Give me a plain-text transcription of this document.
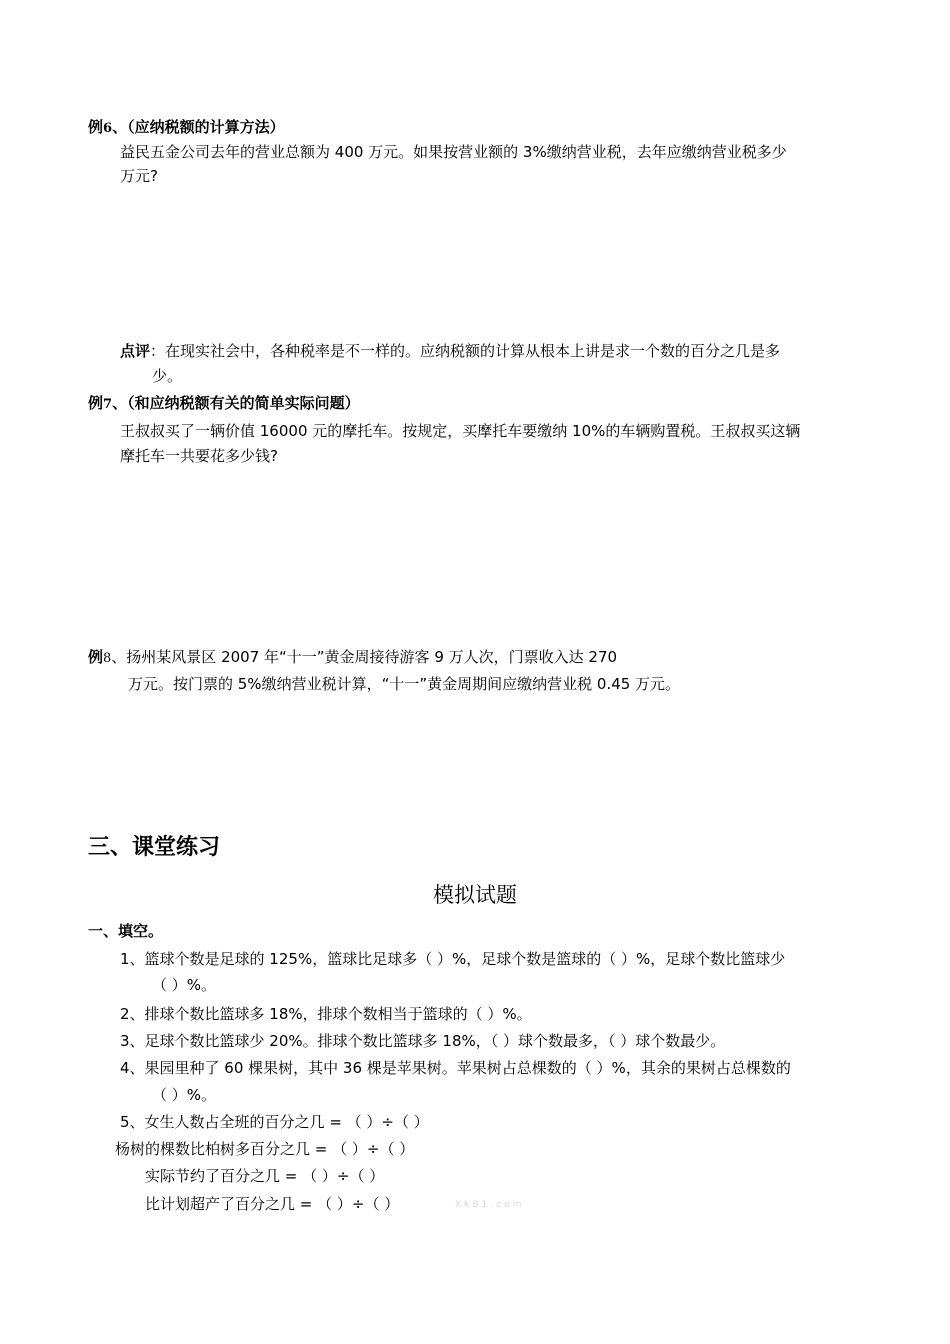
例6、（应纳税额的计算方法）
益民五金公司去年的营业总额为 400 万元。如果按营业额的 3%缴纳营业税，去年应缴纳营业税多少
万元?
点评：在现实社会中，各种税率是不一样的。应纳税额的计算从根本上讲是求一个数的百分之几是多
少。
例7、（和应纳税额有关的简单实际问题）
王叔叔买了一辆价值 16000 元的摩托车。按规定，买摩托车要缴纳 10%的车辆购置税。王叔叔买这辆
摩托车一共要花多少钱?
例8、扬州某风景区 2007 年“十一”黄金周接待游客 9 万人次，门票收入达 270
万元。按门票的 5%缴纳营业税计算，“十一”黄金周期间应缴纳营业税 0.45 万元。
三、课堂练习
模拟试题
一、填空。
1、篮球个数是足球的 125%，篮球比足球多（ ）%，足球个数是篮球的（ ）%，足球个数比篮球少
（ ）%。
2、排球个数比篮球多 18%，排球个数相当于篮球的（ ）%。
3、足球个数比篮球少 20%。排球个数比篮球多 18%，（ ）球个数最多，（ ）球个数最少。
4、果园里种了 60 棵果树，其中 36 棵是苹果树。苹果树占总棵数的（ ）%，其余的果树占总棵数的
（ ）%。
5、女生人数占全班的百分之几 = （ ）÷（ ）
杨树的棵数比柏树多百分之几 = （ ）÷（ ）
实际节约了百分之几 = （ ）÷（ ）
比计划超产了百分之几 = （ ）÷（ ）	XkB1.com
